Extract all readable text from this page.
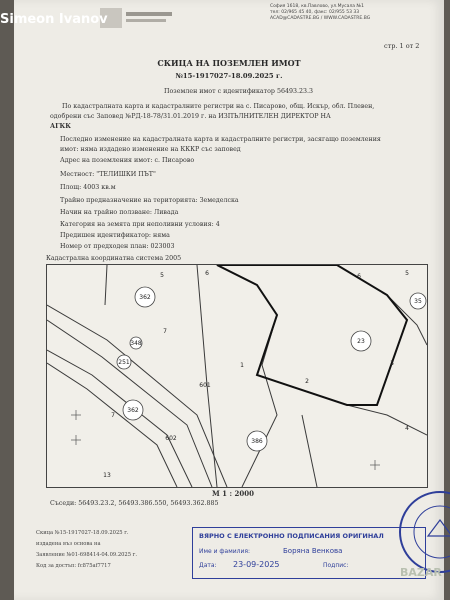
София 1618, кв.Павлово, ул.Мусала №1
тел: 02/965 45 40, факс: 02/955 53 33
ACAD@CADASTRE.BG / WWW.CADASTRE.BG
стр. 1 от 2
СКИЦА НА ПОЗЕМЛЕН ИМОТ
№15-1917027-18.09.2025 г.
Поземлен имот с идентификатор 56493.23.3
По кадастралната карта и кадастралните регистри на с. Писарово, общ. Искър, обл. Плевен,
одобрени със Заповед №РД-18-78/31.01.2019 г. на ИЗПЪЛНИТЕЛЕН ДИРЕКТОР НА
АГКК
Последно изменение на кадастралната карта и кадастралните регистри, засягащо поземления
имот: няма издадено изменение на КККР със заповед
Адрес на поземления имот: с. Писарово
Местност: "ТЕЛИШКИ ПЪТ"
Площ: 4003 кв.м
Трайно предназначение на територията: Земеделска
Начин на трайно ползване: Ливада
Категория на земята при неполивни условия: 4
Предишен идентификатор: няма
Номер от предходен план: 023003
Кадастрална координатна система 2005
362
348
251
362
386
23
35
5	6
7
7
1
2
3
4
5
6
602
601
13
М 1 : 2000
Съседи: 56493.23.2, 56493.386.550, 56493.362.885
Скица №15-1917027-18.09.2025 г.
издадена въз основа на
Заявление №01-698414-04.09.2025 г.
Код за достъп: fc875af7717
ВЯРНО С ЕЛЕКТРОННО ПОДПИСАНИЯ ОРИГИНАЛ
Име и фамилия:	Боряна Венкова
Дата: 23-09-2025	Подпис:
BAZAR
Simeon Ivanov
